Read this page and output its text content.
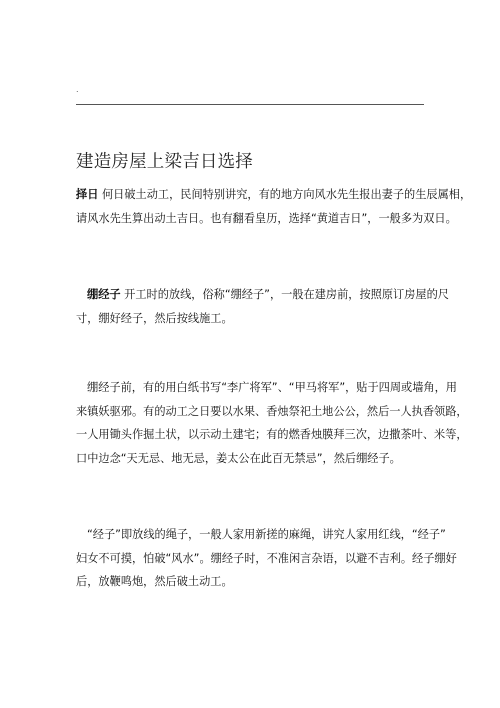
.
建造房屋上梁吉日选择
择日 何日破土动工，民间特别讲究，有的地方向风水先生报出妻子的生辰属相，
请风水先生算出动土吉日。也有翻看皇历，选择“黄道吉日”，一般多为双日。
绷经子 开工时的放线，俗称“绷经子”，一般在建房前，按照原订房屋的尺
寸，绷好经子，然后按线施工。
绷经子前，有的用白纸书写“李广将军”、“甲马将军”，贴于四周或墙角，用
来镇妖驱邪。有的动工之日要以水果、香烛祭祀土地公公，然后一人执香领路，
一人用锄头作掘土状，以示动土建宅；有的燃香烛膜拜三次，边撒茶叶、米等，
口中边念“天无忌、地无忌，姜太公在此百无禁忌”，然后绷经子。
“经子”即放线的绳子，一般人家用新搓的麻绳，讲究人家用红线，“经子”
妇女不可摸，怕破“风水”。绷经子时，不准闲言杂语，以避不吉利。经子绷好
后，放鞭鸣炮，然后破土动工。
